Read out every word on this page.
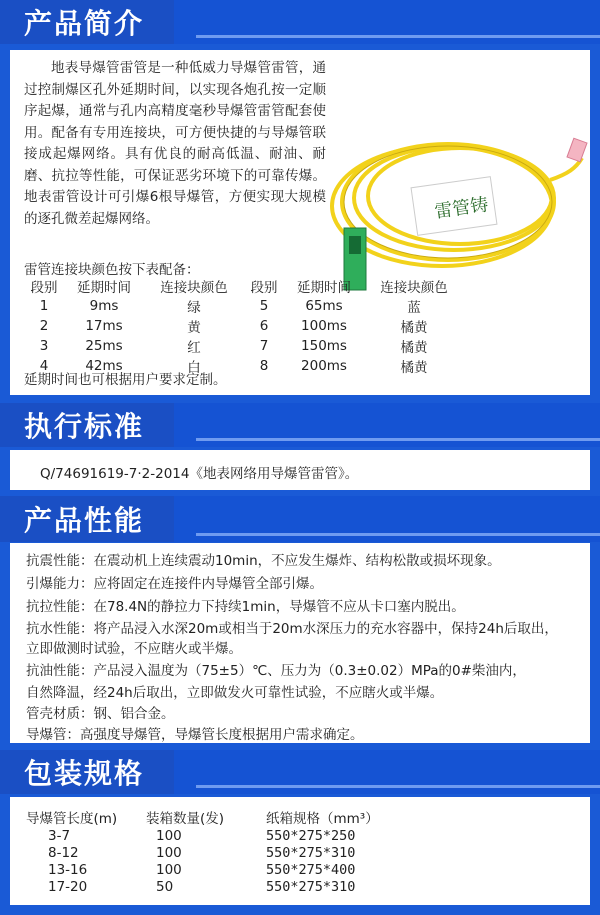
产品简介
地表导爆管雷管是一种低威力导爆管雷管，通过控制爆区孔外延期时间，以实现各炮孔按一定顺序起爆，通常与孔内高精度毫秒导爆管雷管配套使用。配备有专用连接块，可方便快捷的与导爆管联接成起爆网络。具有优良的耐高低温、耐油、耐磨、抗拉等性能，可保证恶劣环境下的可靠传爆。地表雷管设计可引爆6根导爆管，方便实现大规模的逐孔微差起爆网络。	雷管铸
雷管连接块颜色按下表配备：
段别	延期时间	连接块颜色	段别	延期时间	连接块颜色
1	9ms	绿	5	65ms	蓝
2	17ms	黄	6	100ms	橘黄
3	25ms	红	7	150ms	橘黄
4	42ms	白	8	200ms	橘黄
延期时间也可根据用户要求定制。
执行标准
Q/74691619-7·2-2014《地表网络用导爆管雷管》。
产品性能
抗震性能：在震动机上连续震动10min，不应发生爆炸、结构松散或损坏现象。
引爆能力：应将固定在连接件内导爆管全部引爆。
抗拉性能：在78.4N的静拉力下持续1min，导爆管不应从卡口塞内脱出。
抗水性能：将产品浸入水深20m或相当于20m水深压力的充水容器中，保持24h后取出，
立即做测时试验，不应瞎火或半爆。
抗油性能：产品浸入温度为（75±5）℃、压力为（0.3±0.02）MPa的0#柴油内，
自然降温，经24h后取出，立即做发火可靠性试验，不应瞎火或半爆。
管壳材质：钢、铝合金。
导爆管：高强度导爆管，导爆管长度根据用户需求确定。
包装规格
导爆管长度(m)	装箱数量(发)	纸箱规格（mm³）
3-7	100	550*275*250
8-12	100	550*275*310
13-16	100	550*275*400
17-20	50	550*275*310
